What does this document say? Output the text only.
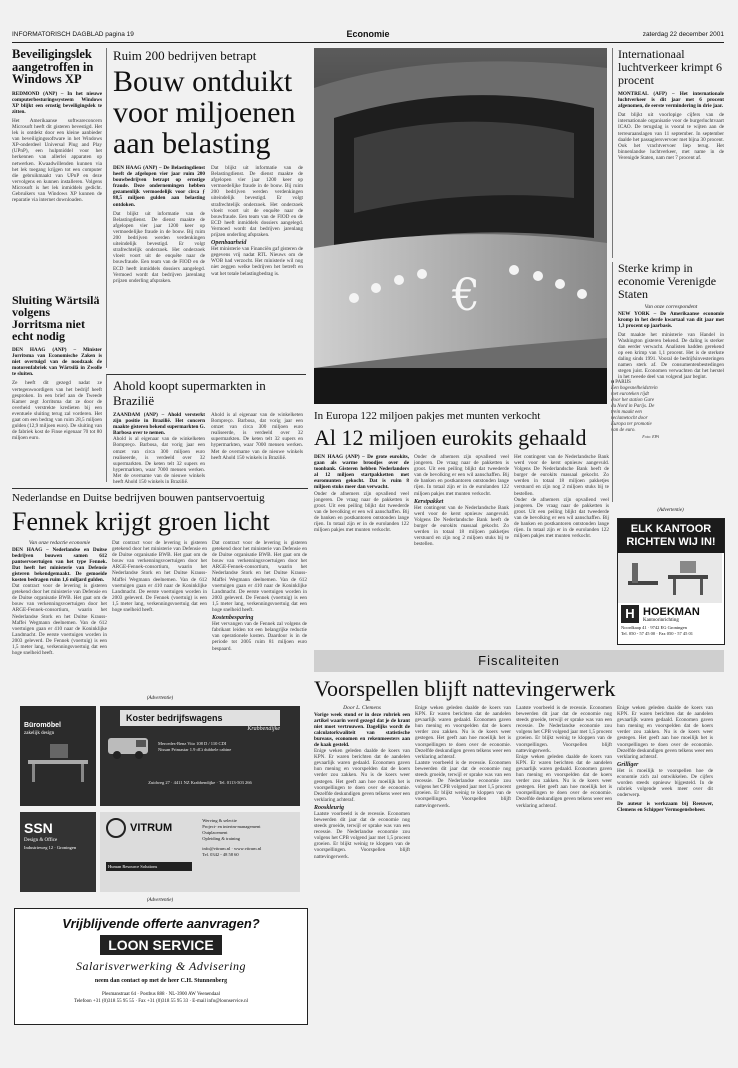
INFORMATORISCH DAGBLAD pagina 19	Economie	zaterdag 22 december 2001
Beveiligingslek aangetroffen in Windows XP
REDMOND (ANP) – In het nieuwe computerbesturingssysteem Windows XP blijkt een ernstig beveiligingslek te zitten.
Het Amerikaanse softwareconcern Microsoft heeft dit gisteren bevestigd. Het lek is ontdekt door een kleine aanbieder van beveiligingssoftware in het Windows XP-onderdeel Universal Plug and Play (UPnP), een hulpmiddel voor het herkennen van allerlei apparaten op netwerken. Kwaadwillenden kunnen via het lek toegang krijgen tot een computer die gebruikmaakt van UPnP en deze vervolgens en kunnen installeren. Volgens Microsoft is het lek inmiddels gedicht. Gebruikers van Windows XP kunnen de reparatie via internet downloaden.
Sluiting Wärtsilä volgens Jorritsma niet echt nodig
DEN HAAG (ANP) – Minister Jorritsma van Economische Zaken is niet overtuigd van de noodzaak de motorenfabriek van Wärtsilä in Zwolle te sluiten.
Ze heeft dit gezegd nadat ze vertegenwoordigers van het bedrijf heeft gesproken. In een brief aan de Tweede Kamer zegt Jorritsma dat ze door de overheid verstrekte kredieten bij een eventuele sluiting terug zal vorderen. Het gaat om een bedrag van ruim 28,5 miljoen gulden (12,9 miljoen euro). De sluiting van de fabriek kost de Finse eigenaar 70 tot 80 miljoen euro.
Ruim 200 bedrijven betrapt
Bouw ontduikt voor miljoenen aan belasting
DEN HAAG (ANP) – De Belastingdienst heeft de afgelopen vier jaar ruim 200 bouwbedrijven betrapt op ernstige fraude. Deze ondernemingen hebben gezamenlijk vermoedelijk voor circa ƒ 88,5 miljoen gulden aan belasting ontdoken.
Dat blijkt uit informatie van de Belastingdienst. De dienst maakte de afgelopen vier jaar 1200 keer op vermoedelijke fraude in de bouw. Bij ruim 200 bedrijven werden verdenkingen uiteindelijk bevestigd. Er volgt strafrechtelijk onderzoek. Het onderzoek vloeit voort uit de enquête naar de bouwfraude. Een team van de FIOD en de ECD heeft inmiddels dossiers aangelegd. Vermoed wordt dat bedrijven jarenlang prijzen onderling afspraken.
Dat blijkt uit informatie van de Belastingdienst. De dienst maakte de afgelopen vier jaar 1200 keer op vermoedelijke fraude in de bouw. Bij ruim 200 bedrijven werden verdenkingen uiteindelijk bevestigd. Er volgt strafrechtelijk onderzoek. Het onderzoek vloeit voort uit de enquête naar de bouwfraude. Een team van de FIOD en de ECD heeft inmiddels dossiers aangelegd. Vermoed wordt dat bedrijven jarenlang prijzen onderling afspraken.
Openbaarheid
Het ministerie van Financiën gaf gisteren de gegevens vrij nadat RTL Nieuws om de WOB had verzocht. Het ministerie wil nog niet zeggen welke bedrijven het betreft en wat het totale belastingbedrag is.
Ahold koopt supermarkten in Brazilië
ZAANDAM (ANP) – Ahold versterkt zijn positie in Brazilië. Het concern maakte gisteren bekend supermarkten G. Barbosa over te nemen.
Ahold is al eigenaar van de winkelketen Bompreço. Barbosa, dat vorig jaar een omzet van circa 300 miljoen euro realiseerde, is verdeeld over 32 supermarkten. De keten telt 32 supers en hypermarkten, waar 7000 mensen werken. Met de overname van de nieuwe winkels heeft Ahold 150 winkels in Brazilië.
Ahold is al eigenaar van de winkelketen Bompreço. Barbosa, dat vorig jaar een omzet van circa 300 miljoen euro realiseerde, is verdeeld over 32 supermarkten. De keten telt 32 supers en hypermarkten, waar 7000 mensen werken. Met de overname van de nieuwe winkels heeft Ahold 150 winkels in Brazilië.
€
■ PARIJS
Een hogesnelheidstrein met euroteken rijdt door het station Gare du Nord in Parijs. De trein maakt een reclametocht door Europa ter promotie van de euro.
Foto: EPA
In Europa 122 miljoen pakjes met munten verkocht
Al 12 miljoen eurokits gehaald
DEN HAAG (ANP) – De grote eurokits, gaan als warme broodjes over de toonbank. Gisteren hebben Nederlanders al 12 miljoen startpakketten met euromunten gekocht. Dat is ruim 8 miljoen stuks meer dan verwacht.
Onder de afnemers zijn opvallend veel jongeren. De vraag naar de pakketten is groot. Uit een peiling blijkt dat tweederde van de bevolking er een wil aanschaffen. Bij de banken en postkantoren ontstonden lange rijen. In totaal zijn er in de eurolanden 122 miljoen pakjes met munten verkocht.
Onder de afnemers zijn opvallend veel jongeren. De vraag naar de pakketten is groot. Uit een peiling blijkt dat tweederde van de bevolking er een wil aanschaffen. Bij de banken en postkantoren ontstonden lange rijen. In totaal zijn er in de eurolanden 122 miljoen pakjes met munten verkocht.
Kerstpakket
Het contingent van de Nederlandsche Bank werd voor de kerst opnieuw aangevuld. Volgens De Nederlandsche Bank heeft de burger de eurokits massaal gekocht. Zo werden in totaal 18 miljoen pakketjes verstuurd en zijn nog 2 miljoen stuks bij te bestellen.
Het contingent van de Nederlandsche Bank werd voor de kerst opnieuw aangevuld. Volgens De Nederlandsche Bank heeft de burger de eurokits massaal gekocht. Zo werden in totaal 18 miljoen pakketjes verstuurd en zijn nog 2 miljoen stuks bij te bestellen.
Onder de afnemers zijn opvallend veel jongeren. De vraag naar de pakketten is groot. Uit een peiling blijkt dat tweederde van de bevolking er een wil aanschaffen. Bij de banken en postkantoren ontstonden lange rijen. In totaal zijn er in de eurolanden 122 miljoen pakjes met munten verkocht.
Internationaal luchtverkeer krimpt 6 procent
MONTREAL (AFP) – Het internationale luchtverkeer is dit jaar met 6 procent afgenomen, de eerste vermindering in drie jaar.
Dat blijkt uit voorlopige cijfers van de internationale organisatie voor de burgerluchtvaart ICAO. De terugslag is vooral te wijten aan de terreuraanslagen van 11 september. In september daalde het passagiersvervoer met bijna 30 procent. Ook het vrachtvervoer liep terug. Het binnenlandse luchtverkeer, met name in de Verenigde Staten, nam met 7 procent af.
Sterke krimp in economie Verenigde Staten
Van onze correspondent
NEW YORK – De Amerikaanse economie kromp in het derde kwartaal van dit jaar met 1,3 procent op jaarbasis.
Dat maakte het ministerie van Handel in Washington gisteren bekend. De daling is sterker dan eerder verwacht. Analisten hadden gerekend op een krimp van 1,1 procent. Het is de sterkste daling sinds 1991. Vooral de bedrijfsinvesteringen namen sterk af. De consumentenbestedingen stegen juist. Economen verwachten dat het herstel in het tweede deel van volgend jaar begint.
(Advertentie)
ELK KANTOOR RICHTEN WIJ IN!
H HOEKMAN
Kantoorinrichting
Noordkaap 41 · 9742 EG Groningen
Tel. 050 - 57 45 00 · Fax 050 - 57 45 01
Nederlandse en Duitse bedrijven bouwen pantservoertuig
Fennek krijgt groen licht
Van onze redactie economie
DEN HAAG – Nederlandse en Duitse bedrijven bouwen samen 612 pantservoertuigen van het type Fennek. Dat heeft het ministerie van Defensie gisteren bekendgemaakt. De gemoeide kosten bedragen ruim 1,6 miljard gulden.
Dat contract voor de levering is gisteren getekend door het ministerie van Defensie en de Duitse organisatie BWB. Het gaat om de bouw van verkenningsvoertuigen door het ARGE-Fennek-consortium, waarin het Nederlandse Stork en het Duitse Krauss-Maffei Wegmann deelnemen. Van de 612 voertuigen gaan er 410 naar de Koninklijke Landmacht. De eerste voertuigen worden in 2003 geleverd. De Fennek (voertuig) is een 1,5 meter lang, verkenningsvoertuig dat een hoge snelheid heeft.
Dat contract voor de levering is gisteren getekend door het ministerie van Defensie en de Duitse organisatie BWB. Het gaat om de bouw van verkenningsvoertuigen door het ARGE-Fennek-consortium, waarin het Nederlandse Stork en het Duitse Krauss-Maffei Wegmann deelnemen. Van de 612 voertuigen gaan er 410 naar de Koninklijke Landmacht. De eerste voertuigen worden in 2003 geleverd. De Fennek (voertuig) is een 1,5 meter lang, verkenningsvoertuig dat een hoge snelheid heeft.
Dat contract voor de levering is gisteren getekend door het ministerie van Defensie en de Duitse organisatie BWB. Het gaat om de bouw van verkenningsvoertuigen door het ARGE-Fennek-consortium, waarin het Nederlandse Stork en het Duitse Krauss-Maffei Wegmann deelnemen. Van de 612 voertuigen gaan er 410 naar de Koninklijke Landmacht. De eerste voertuigen worden in 2003 geleverd. De Fennek (voertuig) is een 1,5 meter lang, verkenningsvoertuig dat een hoge snelheid heeft.
Kostenbesparing
Het vervangen van de Fennek zal volgens de fabrikant leiden tot een belangrijke reductie van operationele kosten. Daardoor is in de periode tot 2005 ruim 81 miljoen euro bespaard.
(Advertentie)
Büromöbel
zakelijk design
SSN
Design & Office
Industrieweg 12 · Groningen
Koster bedrijfswagens
Krabbendijke
Mercedes-Benz Vito 108 D / 110 CDI
Nissan Primastar 1.9 dCi dubbele cabine
Zuidweg 27 · 4411 NZ Krabbendijke · Tel. 0113-503 266
VITRUM
Human Resource Solutions
Werving & selectie
Project- en interim-management
Outplacement
Opleiding & training
info@vitrum.nl · www.vitrum.nl
Tel. 0342 - 48 58 60
(Advertentie)
Vrijblijvende offerte aanvragen?
LOON SERVICE
Salarisverwerking & Advisering
neem dan contact op met de heer C.H. Stunnenberg
Plesmanstraat 64 · Postbus 888 · NL-3900 AW Veenendaal
Telefoon +31 (0)318 55 95 55 · Fax +31 (0)318 55 95 33 · E-mail info@loonservice.nl
Fiscaliteiten
Voorspellen blijft nattevingerwerk
Door L. Clemens
Vorige week stond er in deze rubriek een artikel waarin werd gezegd dat je de krant niet moet vertrouwen. Dagelijks wordt de calculatorkwaliteit van statistische bureaus, economen en rekenmeesters aan de kaak gesteld.
Enige weken geleden daalde de koers van KPN. Er waren berichten dat de aandelen gevaarlijk waren gedaald. Economen gaven hun mening en voorspelden dat de koers verder zou zakken. Nu is de koers weer gestegen. Het geeft aan hoe moeilijk het is voorspellingen te doen over de economie. Dezelfde deskundigen geven telkens weer een verklaring achteraf.
Rooskleurig
Laatste voorbeeld is de recessie. Economen beweerden dit jaar dat de economie nog steeds groeide, terwijl er sprake was van een recessie. De Nederlandse economie zou volgens het CPB volgend jaar met 1,5 procent groeien. Er blijkt weinig te kloppen van de voorspellingen. Voorspellen blijft nattevingerwerk.
Enige weken geleden daalde de koers van KPN. Er waren berichten dat de aandelen gevaarlijk waren gedaald. Economen gaven hun mening en voorspelden dat de koers verder zou zakken. Nu is de koers weer gestegen. Het geeft aan hoe moeilijk het is voorspellingen te doen over de economie. Dezelfde deskundigen geven telkens weer een verklaring achteraf.
Laatste voorbeeld is de recessie. Economen beweerden dit jaar dat de economie nog steeds groeide, terwijl er sprake was van een recessie. De Nederlandse economie zou volgens het CPB volgend jaar met 1,5 procent groeien. Er blijkt weinig te kloppen van de voorspellingen. Voorspellen blijft nattevingerwerk.
Laatste voorbeeld is de recessie. Economen beweerden dit jaar dat de economie nog steeds groeide, terwijl er sprake was van een recessie. De Nederlandse economie zou volgens het CPB volgend jaar met 1,5 procent groeien. Er blijkt weinig te kloppen van de voorspellingen. Voorspellen blijft nattevingerwerk.
Enige weken geleden daalde de koers van KPN. Er waren berichten dat de aandelen gevaarlijk waren gedaald. Economen gaven hun mening en voorspelden dat de koers verder zou zakken. Nu is de koers weer gestegen. Het geeft aan hoe moeilijk het is voorspellingen te doen over de economie. Dezelfde deskundigen geven telkens weer een verklaring achteraf.
Enige weken geleden daalde de koers van KPN. Er waren berichten dat de aandelen gevaarlijk waren gedaald. Economen gaven hun mening en voorspelden dat de koers verder zou zakken. Nu is de koers weer gestegen. Het geeft aan hoe moeilijk het is voorspellingen te doen over de economie. Dezelfde deskundigen geven telkens weer een verklaring achteraf.
Grilliger
Het is moeilijk te voorspellen hoe de economie zich zal ontwikkelen. De cijfers worden steeds opnieuw bijgesteld. In de rubriek volgende week meer over dit onderwerp.
De auteur is werkzaam bij Reeuwer, Clemens en Schipper Vermogensbeheer.
